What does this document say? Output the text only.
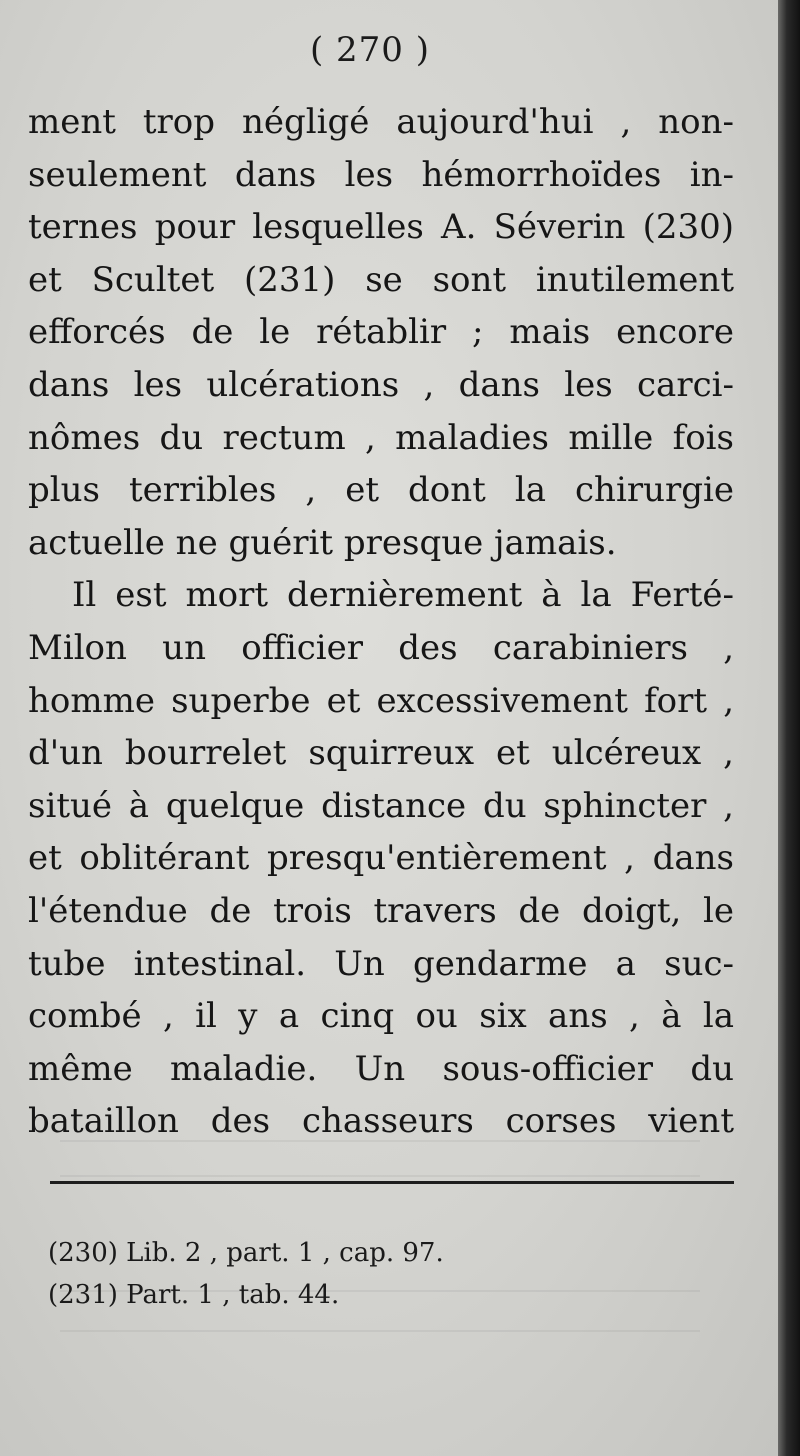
( 270 )
ment trop négligé aujourd'hui , non-
seulement dans les hémorrhoïdes in-
ternes pour lesquelles A. Séverin (230)
et Scultet (231) se sont inutilement
efforcés de le rétablir ; mais encore
dans les ulcérations , dans les carci-
nômes du rectum , maladies mille fois
plus terribles , et dont la chirurgie
actuelle ne guérit presque jamais.
Il est mort dernièrement à la Ferté-
Milon un officier des carabiniers ,
homme superbe et excessivement fort ,
d'un bourrelet squirreux et ulcéreux ,
situé à quelque distance du sphincter ,
et oblitérant presqu'entièrement , dans
l'étendue de trois travers de doigt, le
tube intestinal. Un gendarme a suc-
combé , il y a cinq ou six ans , à la
même maladie. Un sous-officier du
bataillon des chasseurs corses vient
(230) Lib. 2 , part. 1 , cap. 97.
(231) Part. 1 , tab. 44.
